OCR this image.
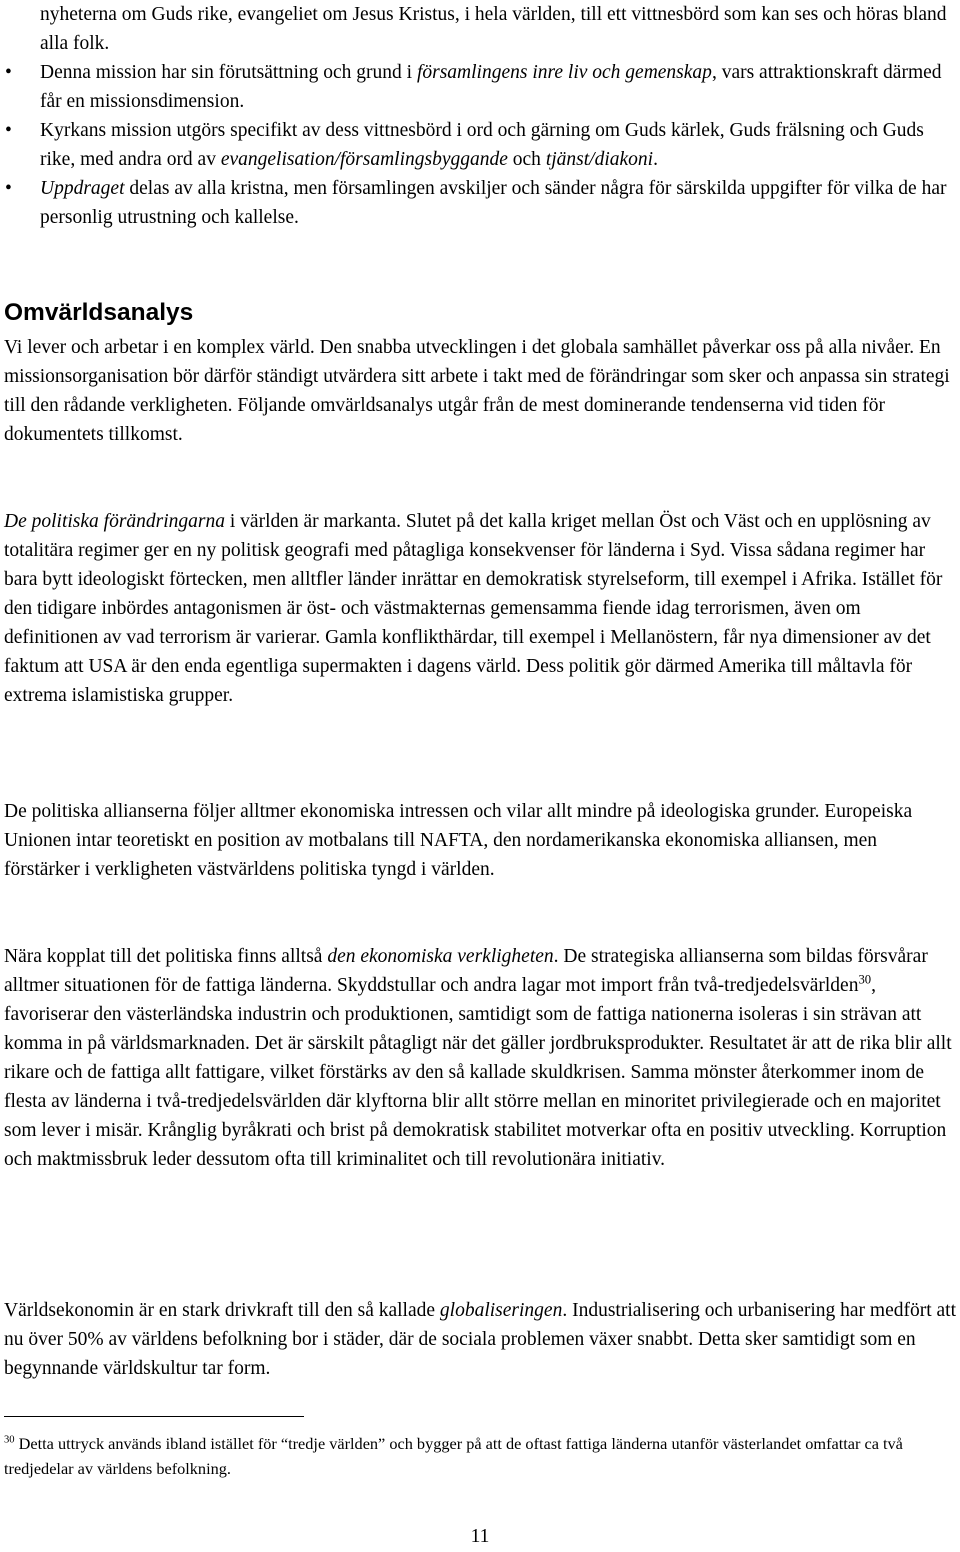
nyheterna om Guds rike, evangeliet om Jesus Kristus, i hela världen, till ett vittnesbörd som kan ses och höras bland alla folk.

•	Denna mission har sin förutsättning och grund i församlingens inre liv och gemenskap, vars attraktionskraft därmed får en missionsdimension.

•	Kyrkans mission utgörs specifikt av dess vittnesbörd i ord och gärning om Guds kärlek, Guds frälsning och Guds rike, med andra ord av evangelisation/församlingsbyggande och tjänst/diakoni.

•	Uppdraget delas av alla kristna, men församlingen avskiljer och sänder några för särskilda uppgifter för vilka de har personlig utrustning och kallelse.

Omvärldsanalys

Vi lever och arbetar i en komplex värld. Den snabba utvecklingen i det globala samhället påverkar oss på alla nivåer. En missionsorganisation bör därför ständigt utvärdera sitt arbete i takt med de förändringar som sker och anpassa sin strategi till den rådande verkligheten. Följande omvärldsanalys utgår från de mest dominerande tendenserna vid tiden för dokumentets tillkomst.

De politiska förändringarna i världen är markanta. Slutet på det kalla kriget mellan Öst och Väst och en upplösning av totalitära regimer ger en ny politisk geografi med påtagliga konsekvenser för länderna i Syd. Vissa sådana regimer har bara bytt ideologiskt förtecken, men alltfler länder inrättar en demokratisk styrelseform, till exempel i Afrika. Istället för den tidigare inbördes antagonismen är öst- och västmakternas gemensamma fiende idag terrorismen, även om definitionen av vad terrorism är varierar. Gamla konflikthärdar, till exempel i Mellanöstern, får nya dimensioner av det faktum att USA är den enda egentliga supermakten i dagens värld. Dess politik gör därmed Amerika till måltavla för extrema islamistiska grupper.

De politiska allianserna följer alltmer ekonomiska intressen och vilar allt mindre på ideologiska grunder. Europeiska Unionen intar teoretiskt en position av motbalans till NAFTA, den nordamerikanska ekonomiska alliansen, men förstärker i verkligheten västvärldens politiska tyngd i världen.

Nära kopplat till det politiska finns alltså den ekonomiska verkligheten. De strategiska allianserna som bildas försvårar alltmer situationen för de fattiga länderna. Skyddstullar och andra lagar mot import från två-tredjedelsvärlden$^{30}$, favoriserar den västerländska industrin och produktionen, samtidigt som de fattiga nationerna isoleras i sin strävan att komma in på världsmarknaden. Det är särskilt påtagligt när det gäller jordbruksprodukter. Resultatet är att de rika blir allt rikare och de fattiga allt fattigare, vilket förstärks av den så kallade skuldkrisen. Samma mönster återkommer inom de flesta av länderna i två-tredjedelsvärlden där klyftorna blir allt större mellan en minoritet privilegierade och en majoritet som lever i misär. Krånglig byråkrati och brist på demokratisk stabilitet motverkar ofta en positiv utveckling. Korruption och maktmissbruk leder dessutom ofta till kriminalitet och till revolutionära initiativ.

Världsekonomin är en stark drivkraft till den så kallade globaliseringen. Industrialisering och urbanisering har medfört att nu över 50% av världens befolkning bor i städer, där de sociala problemen växer snabbt. Detta sker samtidigt som en begynnande världskultur tar form.

$^{30}$ Detta uttryck används ibland istället för “tredje världen” och bygger på att de oftast fattiga länderna utanför västerlandet omfattar ca två tredjedelar av världens befolkning.

11
